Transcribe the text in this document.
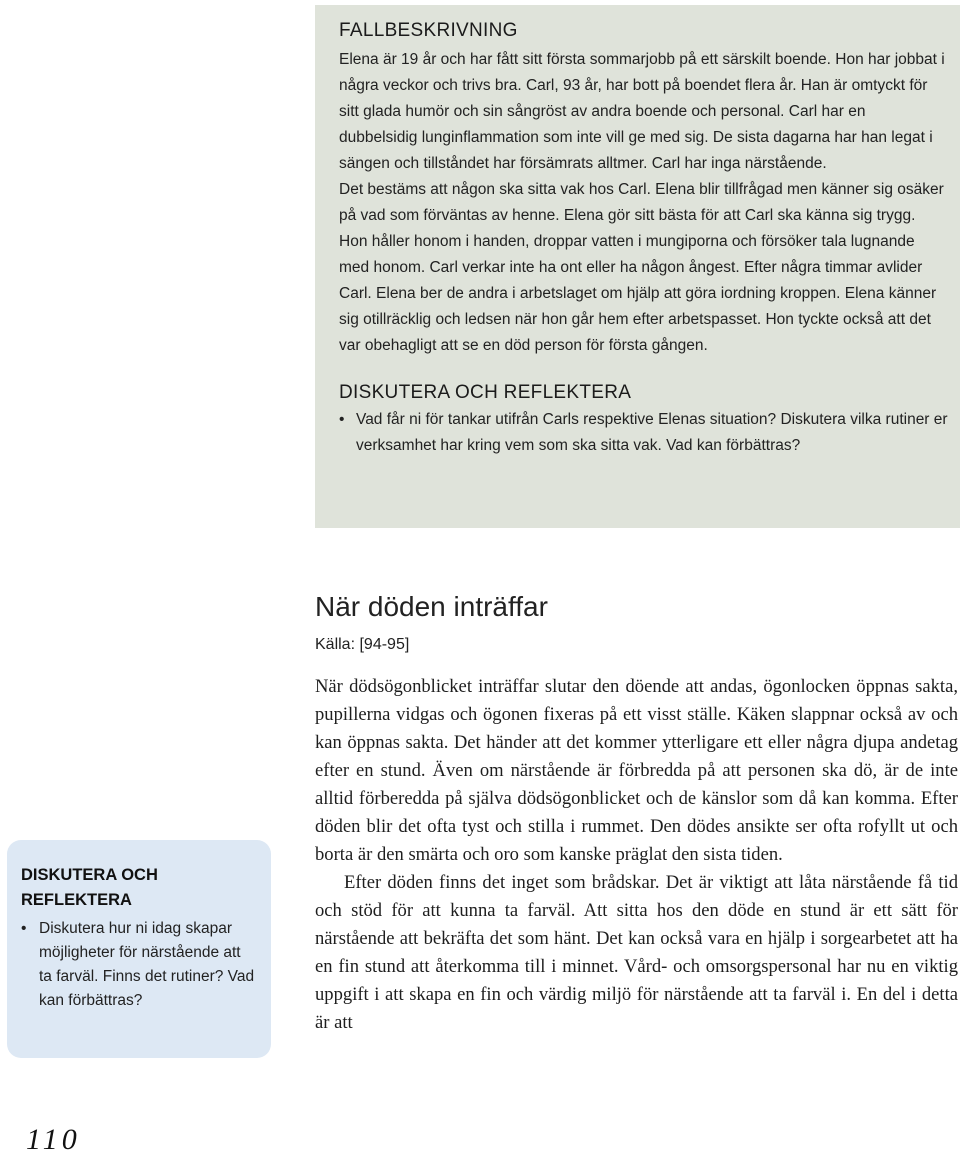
FALLBESKRIVNING

Elena är 19 år och har fått sitt första sommarjobb på ett särskilt boende. Hon har jobbat i några veckor och trivs bra. Carl, 93 år, har bott på boendet flera år. Han är omtyckt för sitt glada humör och sin sångröst av andra boende och personal. Carl har en dubbelsidig lunginflammation som inte vill ge med sig. De sista dagarna har han legat i sängen och tillståndet har försämrats alltmer. Carl har inga närstående.

Det bestäms att någon ska sitta vak hos Carl. Elena blir tillfrågad men känner sig osäker på vad som förväntas av henne. Elena gör sitt bästa för att Carl ska känna sig trygg. Hon håller honom i handen, droppar vatten i mungiporna och försöker tala lugnande med honom. Carl verkar inte ha ont eller ha någon ångest. Efter några timmar avlider Carl. Elena ber de andra i arbetslaget om hjälp att göra iordning kroppen. Elena känner sig otillräcklig och ledsen när hon går hem efter arbetspasset. Hon tyckte också att det var obehagligt att se en död person för första gången.

DISKUTERA OCH REFLEKTERA
• Vad får ni för tankar utifrån Carls respektive Elenas situation? Diskutera vilka rutiner er verksamhet har kring vem som ska sitta vak. Vad kan förbättras?
När döden inträffar
Källa: [94-95]

När dödsögonblicket inträffar slutar den döende att andas, ögonlocken öppnas sakta, pupillerna vidgas och ögonen fixeras på ett visst ställe. Käken slappnar också av och kan öppnas sakta. Det händer att det kommer ytterligare ett eller några djupa andetag efter en stund. Även om närstående är förbredda på att personen ska dö, är de inte alltid förberedda på själva dödsögonblicket och de känslor som då kan komma. Efter döden blir det ofta tyst och stilla i rummet. Den dödes ansikte ser ofta rofyllt ut och borta är den smärta och oro som kanske präglat den sista tiden.

Efter döden finns det inget som brådskar. Det är viktigt att låta närstående få tid och stöd för att kunna ta farväl. Att sitta hos den döde en stund är ett sätt för närstående att bekräfta det som hänt. Det kan också vara en hjälp i sorgearbetet att ha en fin stund att återkomma till i minnet. Vård- och omsorgspersonal har nu en viktig uppgift i att skapa en fin och värdig miljö för närstående att ta farväl i. En del i detta är att

DISKUTERA OCH REFLEKTERA
• Diskutera hur ni idag skapar möjligheter för närstående att ta farväl. Finns det rutiner? Vad kan förbättras?
110
